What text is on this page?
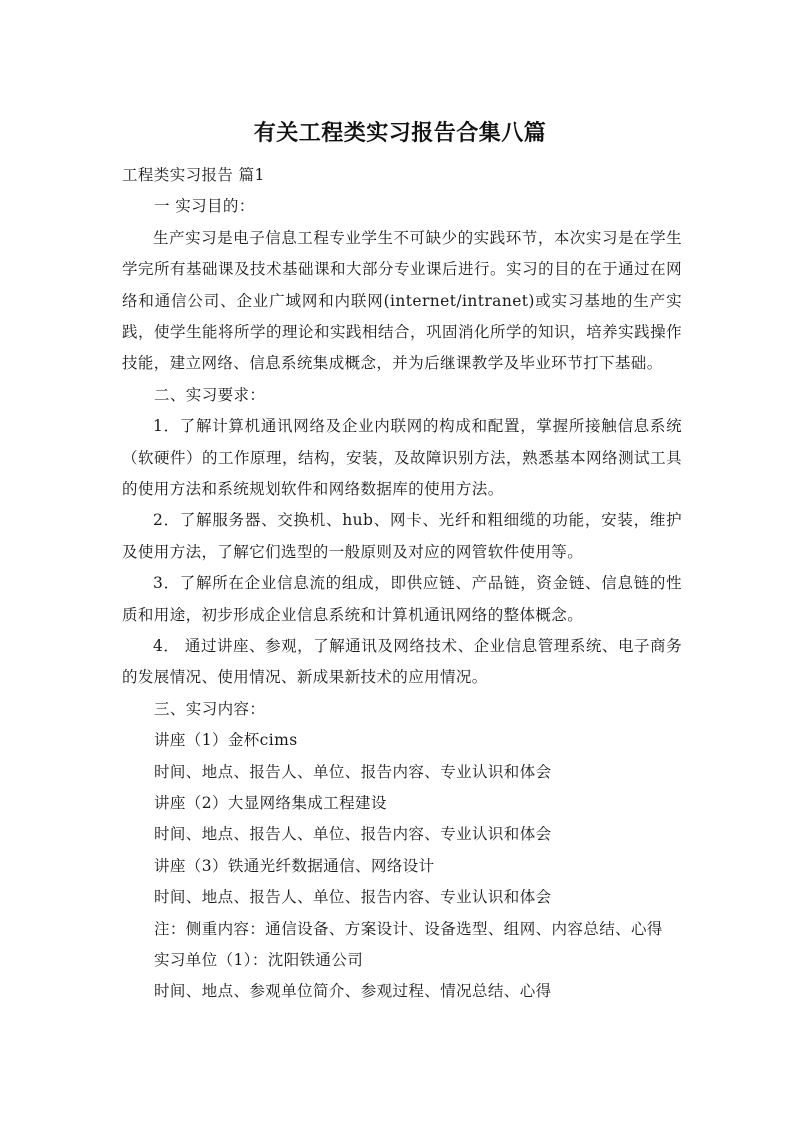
有关工程类实习报告合集八篇

工程类实习报告 篇1

一 实习目的：

生产实习是电子信息工程专业学生不可缺少的实践环节，本次实习是在学生学完所有基础课及技术基础课和大部分专业课后进行。实习的目的在于通过在网络和通信公司、企业广域网和内联网(internet/intranet)或实习基地的生产实践，使学生能将所学的理论和实践相结合，巩固消化所学的知识，培养实践操作技能，建立网络、信息系统集成概念，并为后继课教学及毕业环节打下基础。

二、实习要求：

1．了解计算机通讯网络及企业内联网的构成和配置，掌握所接触信息系统（软硬件）的工作原理，结构，安装，及故障识别方法，熟悉基本网络测试工具的使用方法和系统规划软件和网络数据库的使用方法。

2．了解服务器、交换机、hub、网卡、光纤和粗细缆的功能，安装，维护及使用方法，了解它们选型的一般原则及对应的网管软件使用等。

3．了解所在企业信息流的组成，即供应链、产品链，资金链、信息链的性质和用途，初步形成企业信息系统和计算机通讯网络的整体概念。

4． 通过讲座、参观，了解通讯及网络技术、企业信息管理系统、电子商务的发展情况、使用情况、新成果新技术的应用情况。

三、实习内容：

讲座（1）金杯cims

时间、地点、报告人、单位、报告内容、专业认识和体会

讲座（2）大显网络集成工程建设

时间、地点、报告人、单位、报告内容、专业认识和体会

讲座（3）铁通光纤数据通信、网络设计

时间、地点、报告人、单位、报告内容、专业认识和体会

注：侧重内容：通信设备、方案设计、设备选型、组网、内容总结、心得

实习单位（1）：沈阳铁通公司

时间、地点、参观单位简介、参观过程、情况总结、心得
